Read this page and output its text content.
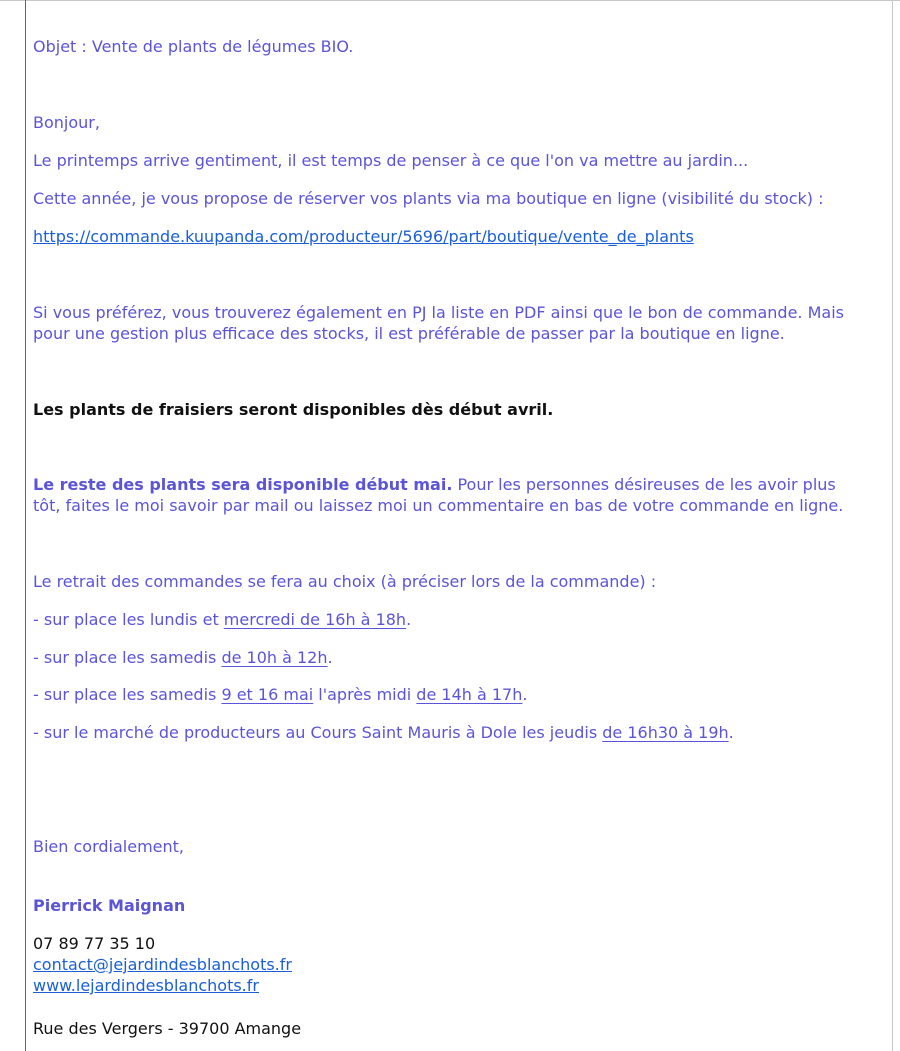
Objet : Vente de plants de légumes BIO.
Bonjour,
Le printemps arrive gentiment, il est temps de penser à ce que l'on va mettre au jardin...
Cette année, je vous propose de réserver vos plants via ma boutique en ligne (visibilité du stock) :
https://commande.kuupanda.com/producteur/5696/part/boutique/vente_de_plants
Si vous préférez, vous trouverez également en PJ la liste en PDF ainsi que le bon de commande. Mais
pour une gestion plus efficace des stocks, il est préférable de passer par la boutique en ligne.
Les plants de fraisiers seront disponibles dès début avril.
Le reste des plants sera disponible début mai. Pour les personnes désireuses de les avoir plus
tôt, faites le moi savoir par mail ou laissez moi un commentaire en bas de votre commande en ligne.
Le retrait des commandes se fera au choix (à préciser lors de la commande) :
- sur place les lundis et mercredi de 16h à 18h.
- sur place les samedis de 10h à 12h.
- sur place les samedis 9 et 16 mai l'après midi de 14h à 17h.
- sur le marché de producteurs au Cours Saint Mauris à Dole les jeudis de 16h30 à 19h.
Bien cordialement,
Pierrick Maignan
07 89 77 35 10
contact@jejardindesblanchots.fr
www.lejardindesblanchots.fr
Rue des Vergers - 39700 Amange
